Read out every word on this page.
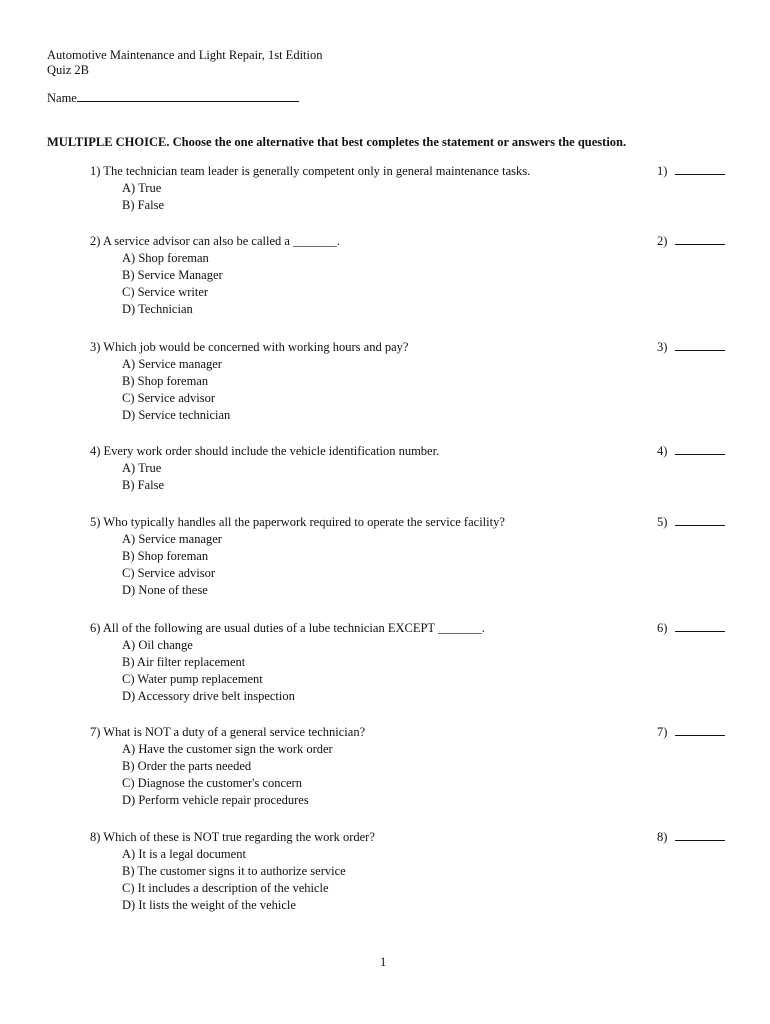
Automotive Maintenance and Light Repair, 1st Edition
Quiz 2B
Name
MULTIPLE CHOICE. Choose the one alternative that best completes the statement or answers the question.
1) The technician team leader is generally competent only in general maintenance tasks.	1)
A) True
B) False
2) A service advisor can also be called a _______.	2)
A) Shop foreman
B) Service Manager
C) Service writer
D) Technician
3) Which job would be concerned with working hours and pay?	3)
A) Service manager
B) Shop foreman
C) Service advisor
D) Service technician
4) Every work order should include the vehicle identification number.	4)
A) True
B) False
5) Who typically handles all the paperwork required to operate the service facility?	5)
A) Service manager
B) Shop foreman
C) Service advisor
D) None of these
6) All of the following are usual duties of a lube technician EXCEPT _______.	6)
A) Oil change
B) Air filter replacement
C) Water pump replacement
D) Accessory drive belt inspection
7) What is NOT a duty of a general service technician?	7)
A) Have the customer sign the work order
B) Order the parts needed
C) Diagnose the customer's concern
D) Perform vehicle repair procedures
8) Which of these is NOT true regarding the work order?	8)
A) It is a legal document
B) The customer signs it to authorize service
C) It includes a description of the vehicle
D) It lists the weight of the vehicle
1
